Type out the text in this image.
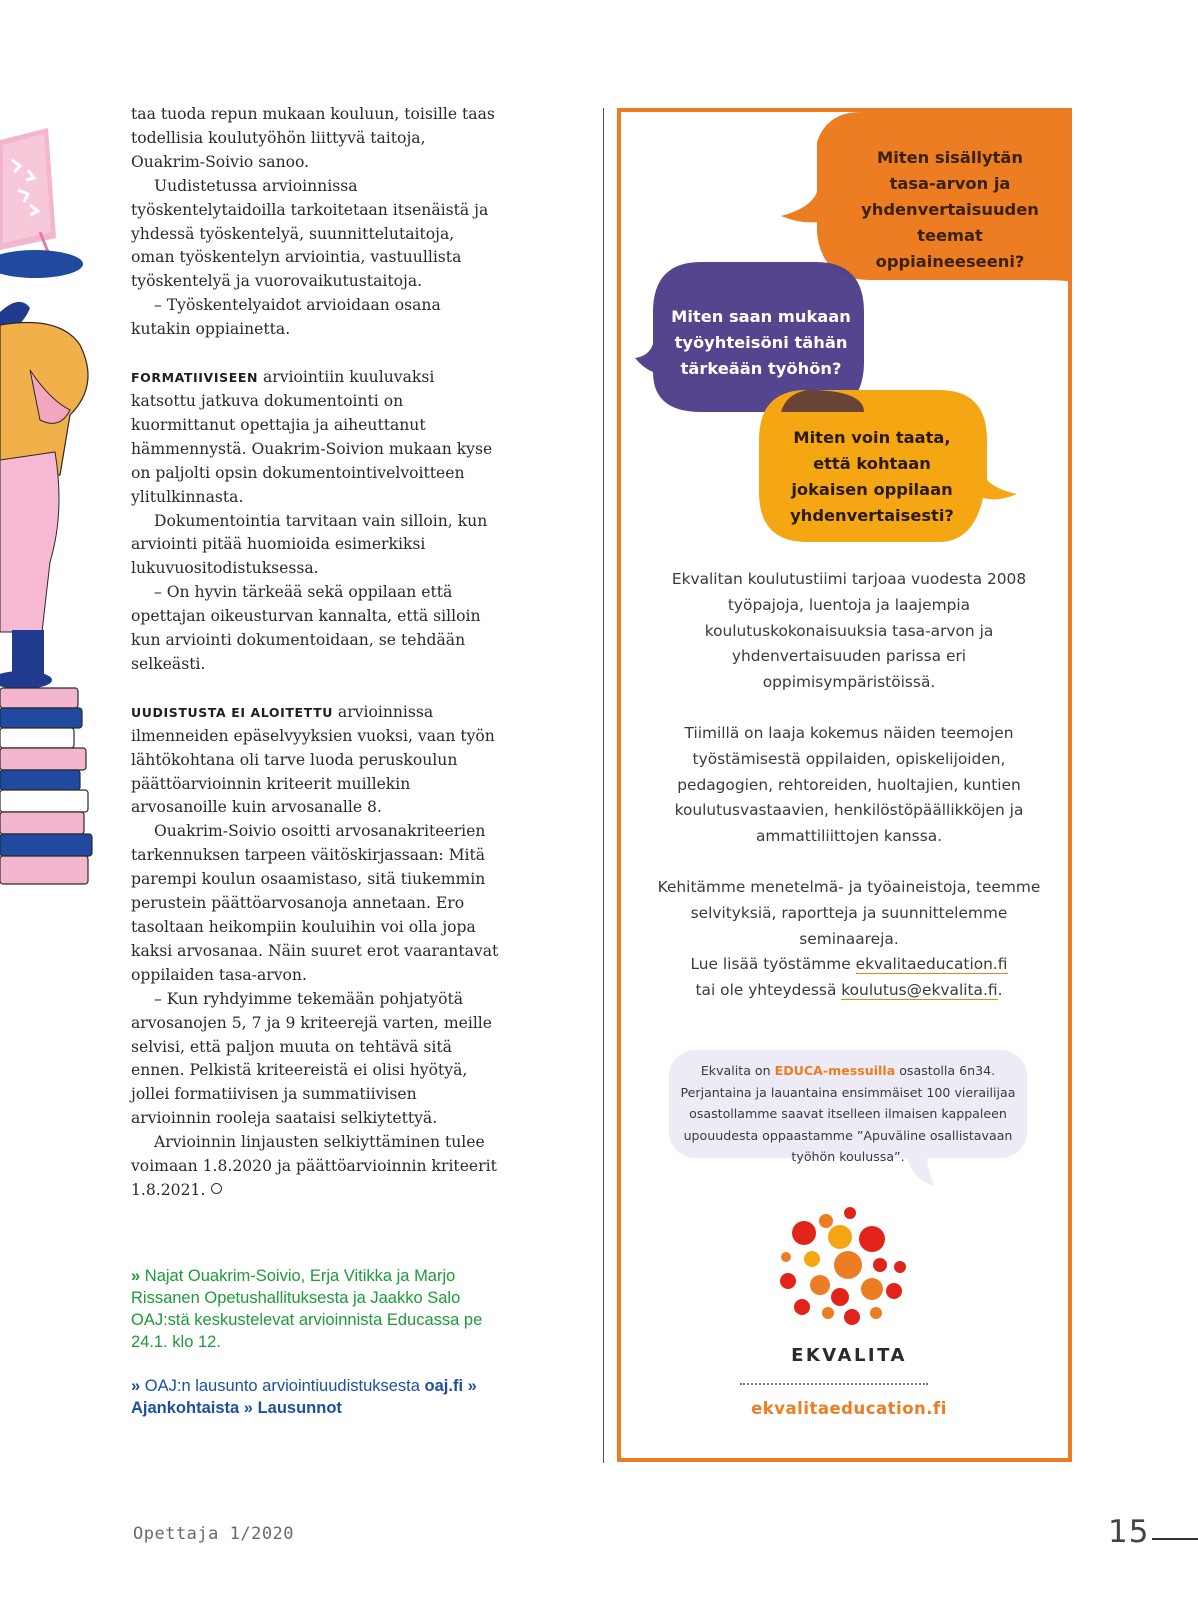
taa tuoda repun mukaan kouluun, toisille taas todellisia koulutyöhön liittyvä taitoja, Ouakrim-Soivio sanoo.

Uudistetussa arvioinnissa työskentelytaidoilla tarkoitetaan itsenäistä ja yhdessä työskentelyä, suunnittelutaitoja, oman työskentelyn arviointia, vastuullista työskentelyä ja vuorovaikutustaitoja.

– Työskentelyaidot arvioidaan osana kutakin oppiainetta.

FORMATIIVISEEN arviointiin kuuluvaksi katsottu jatkuva dokumentointi on kuormittanut opettajia ja aiheuttanut hämmennystä. Ouakrim-Soivion mukaan kyse on paljolti opsin dokumentointivelvoitteen ylitulkinnasta.

Dokumentointia tarvitaan vain silloin, kun arviointi pitää huomioida esimerkiksi lukuvuositodistuksessa.

– On hyvin tärkeää sekä oppilaan että opettajan oikeusturvan kannalta, että silloin kun arviointi dokumentoidaan, se tehdään selkeästi.

UUDISTUSTA EI ALOITETTU arvioinnissa ilmenneiden epäselvyyksien vuoksi, vaan työn lähtökohtana oli tarve luoda peruskoulun päättöarvioinnin kriteerit muillekin arvosanoille kuin arvosanalle 8.

Ouakrim-Soivio osoitti arvosanakriteerien tarkennuksen tarpeen väitöskirjassaan: Mitä parempi koulun osaamistaso, sitä tiukemmin perustein päättöarvosanoja annetaan. Ero tasoltaan heikompiin kouluihin voi olla jopa kaksi arvosanaa. Näin suuret erot vaarantavat oppilaiden tasa-arvon.

– Kun ryhdyimme tekemään pohjatyötä arvosanojen 5, 7 ja 9 kriteerejä varten, meille selvisi, että paljon muuta on tehtävä sitä ennen. Pelkistä kriteereistä ei olisi hyötyä, jollei formatiivisen ja summatiivisen arvioinnin rooleja saataisi selkiytettyä.

Arvioinnin linjausten selkiyttäminen tulee voimaan 1.8.2020 ja päättöarvioinnin kriteerit 1.8.2021.

» Najat Ouakrim-Soivio, Erja Vitikka ja Marjo Rissanen Opetushallituksesta ja Jaakko Salo OAJ:stä keskustelevat arvioinnista Educassa pe 24.1. klo 12.
» OAJ:n lausunto arviointiuudistuksesta oaj.fi »
Ajankohtaista » Lausunnot

Miten sisällytän tasa-arvon ja yhdenvertaisuuden teemat oppiaineeseeni?

Miten saan mukaan työyhteisöni tähän tärkeään työhön?

Miten voin taata, että kohtaan jokaisen oppilaan yhdenvertaisesti?

Ekvalitan koulutustiimi tarjoaa vuodesta 2008 työpajoja, luentoja ja laajempia koulutuskokonaisuuksia tasa-arvon ja yhdenvertaisuuden parissa eri oppimisympäristöissä.

Tiimillä on laaja kokemus näiden teemojen työstämisestä oppilaiden, opiskelijoiden, pedagogien, rehtoreiden, huoltajien, kuntien koulutusvastaavien, henkilöstöpäällikköjen ja ammattiliittojen kanssa.

Kehitämme menetelmä- ja työaineistoja, teemme selvityksiä, raportteja ja suunnittelemme seminaareja.

Lue lisää työstämme ekvalitaeducation.fi

tai ole yhteydessä koulutus@ekvalita.fi.

Ekvalita on EDUCA-messuilla osastolla 6n34. Perjantaina ja lauantaina ensimmäiset 100 vierailijaa osastollamme saavat itselleen ilmaisen kappaleen upouudesta oppaastamme ”Apuväline osallistavaan työhön koulussa”.

EKVALITA
ekvalitaeducation.fi
Opettaja 1/2020	15
